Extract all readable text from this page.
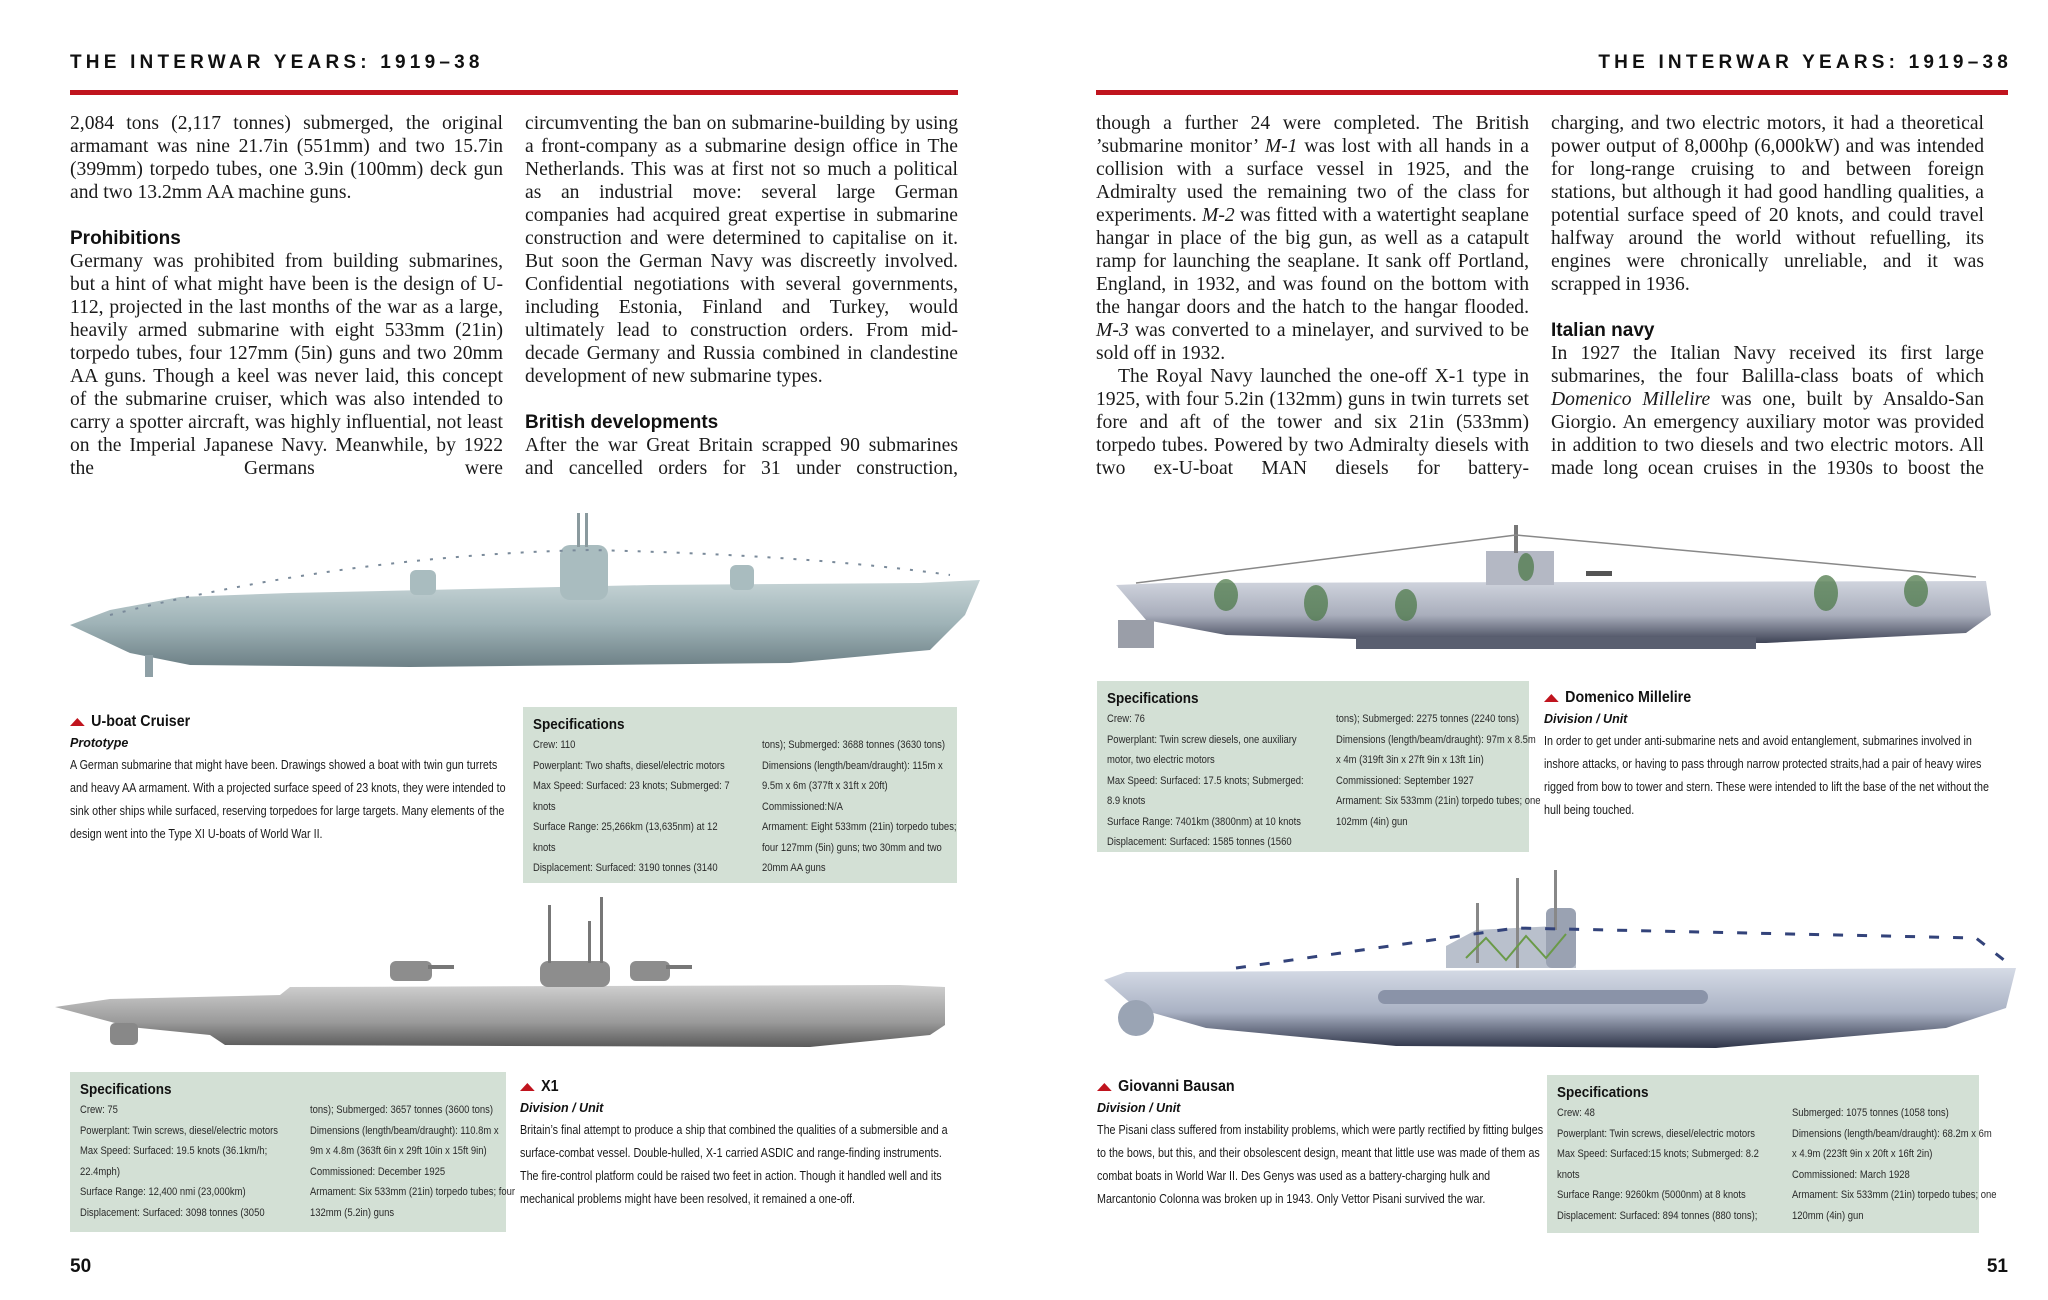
THE INTERWAR YEARS: 1919–38

2,084 tons (2,117 tonnes) submerged, the original armamant was nine 21.7in (551mm) and two 15.7in (399mm) torpedo tubes, one 3.9in (100mm) deck gun and two 13.2mm AA machine guns.

Prohibitions

Germany was prohibited from building submarines, but a hint of what might have been is the design of U-112, projected in the last months of the war as a large, heavily armed submarine with eight 533mm (21in) torpedo tubes, four 127mm (5in) guns and two 20mm AA guns. Though a keel was never laid, this concept of the submarine cruiser, which was also intended to carry a spotter aircraft, was highly influential, not least on the Imperial Japanese Navy. Meanwhile, by 1922 the Germans were

circumventing the ban on submarine-building by using a front-company as a submarine design office in The Netherlands. This was at first not so much a political as an industrial move: several large German companies had acquired great expertise in submarine construction and were determined to capitalise on it. But soon the German Navy was discreetly involved. Confidential negotiations with several governments, including Estonia, Finland and Turkey, would ultimately lead to construction orders. From mid-decade Germany and Russia combined in clandestine development of new submarine types.

British developments

After the war Great Britain scrapped 90 submarines and cancelled orders for 31 under construction,

U-boat Cruiser
Prototype
A German submarine that might have been. Drawings showed a boat with twin gun turrets and heavy AA armament. With a projected surface speed of 23 knots, they were intended to sink other ships while surfaced, reserving torpedoes for large targets. Many elements of the design went into the Type XI U-boats of World War II.
Specifications
Crew: 110
Powerplant: Two shafts, diesel/electric motors
Max Speed: Surfaced: 23 knots; Submerged: 7
knots
Surface Range: 25,266km (13,635nm) at 12
knots
Displacement: Surfaced: 3190 tonnes (3140
tons); Submerged: 3688 tonnes (3630 tons)
Dimensions (length/beam/draught): 115m x
9.5m x 6m (377ft x 31ft x 20ft)
Commissioned:N/A
Armament: Eight 533mm (21in) torpedo tubes;
four 127mm (5in) guns; two 30mm and two
20mm AA guns
Specifications
Crew: 75
Powerplant: Twin screws, diesel/electric motors
Max Speed: Surfaced: 19.5 knots (36.1km/h;
22.4mph)
Surface Range: 12,400 nmi (23,000km)
Displacement: Surfaced: 3098 tonnes (3050
tons); Submerged: 3657 tonnes (3600 tons)
Dimensions (length/beam/draught): 110.8m x
9m x 4.8m (363ft 6in x 29ft 10in x 15ft 9in)
Commissioned: December 1925
Armament: Six 533mm (21in) torpedo tubes; four
132mm (5.2in) guns
X1
Division / Unit
Britain’s final attempt to produce a ship that combined the qualities of a submersible and a surface-combat vessel. Double-hulled, X-1 carried ASDIC and range-finding instruments. The fire-control platform could be raised two feet in action. Though it handled well and its mechanical problems might have been resolved, it remained a one-off.
50
THE INTERWAR YEARS: 1919–38

though a further 24 were completed. The British ’submarine monitor’ M-1 was lost with all hands in a collision with a surface vessel in 1925, and the Admiralty used the remaining two of the class for experiments. M-2 was fitted with a watertight seaplane hangar in place of the big gun, as well as a catapult ramp for launching the seaplane. It sank off Portland, England, in 1932, and was found on the bottom with the hangar doors and the hatch to the hangar flooded. M-3 was converted to a minelayer, and survived to be sold off in 1932.

The Royal Navy launched the one-off X-1 type in 1925, with four 5.2in (132mm) guns in twin turrets set fore and aft of the tower and six 21in (533mm) torpedo tubes. Powered by two Admiralty diesels with two ex-U-boat MAN diesels for battery-

charging, and two electric motors, it had a theoretical power output of 8,000hp (6,000kW) and was intended for long-range cruising to and between foreign stations, but although it had good handling qualities, a potential surface speed of 20 knots, and could travel halfway around the world without refuelling, its engines were chronically unreliable, and it was scrapped in 1936.

Italian navy

In 1927 the Italian Navy received its first large submarines, the four Balilla-class boats of which Domenico Millelire was one, built by Ansaldo-San Giorgio. An emergency auxiliary motor was provided in addition to two diesels and two electric motors. All made long ocean cruises in the 1930s to boost the

Specifications
Crew: 76
Powerplant: Twin screw diesels, one auxiliary
motor, two electric motors
Max Speed: Surfaced: 17.5 knots; Submerged:
8.9 knots
Surface Range: 7401km (3800nm) at 10 knots
Displacement: Surfaced: 1585 tonnes (1560
tons); Submerged: 2275 tonnes (2240 tons)
Dimensions (length/beam/draught): 97m x 8.5m
x 4m (319ft 3in x 27ft 9in x 13ft 1in)
Commissioned: September 1927
Armament: Six 533mm (21in) torpedo tubes; one
102mm (4in) gun
Domenico Millelire
Division / Unit
In order to get under anti-submarine nets and avoid entanglement, submarines involved in inshore attacks, or having to pass through narrow protected straits,had a pair of heavy wires rigged from bow to tower and stern. These were intended to lift the base of the net without the hull being touched.
Giovanni Bausan
Division / Unit
The Pisani class suffered from instability problems, which were partly rectified by fitting bulges to the bows, but this, and their obsolescent design, meant that little use was made of them as combat boats in World War II. Des Genys was used as a battery-charging hulk and Marcantonio Colonna was broken up in 1943. Only Vettor Pisani survived the war.
Specifications
Crew: 48
Powerplant: Twin screws, diesel/electric motors
Max Speed: Surfaced:15 knots; Submerged: 8.2
knots
Surface Range: 9260km (5000nm) at 8 knots
Displacement: Surfaced: 894 tonnes (880 tons);
Submerged: 1075 tonnes (1058 tons)
Dimensions (length/beam/draught): 68.2m x 6m
x 4.9m (223ft 9in x 20ft x 16ft 2in)
Commissioned: March 1928
Armament: Six 533mm (21in) torpedo tubes; one
120mm (4in) gun
51
